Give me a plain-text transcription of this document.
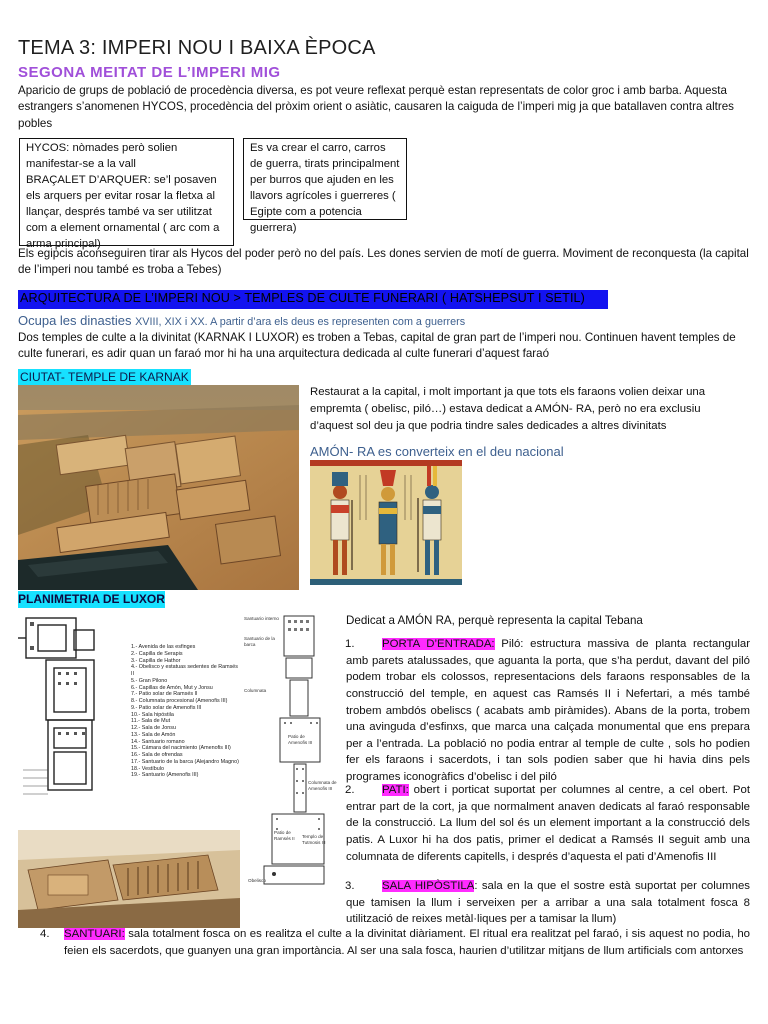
TEMA 3: IMPERI NOU I BAIXA ÈPOCA
SEGONA MEITAT DE L’IMPERI MIG
Aparicio de grups de població de procedència diversa, es pot veure reflexat perquè estan representats de color groc i amb barba. Aquesta estrangers s’anomenen HYCOS, procedència del pròxim orient o asiàtic, causaren la caiguda de l’imperi mig ja que batallaven contra altres pobles
HYCOS: nòmades però solien manifestar-se a la vall
BRAÇALET D’ARQUER: se’l posaven els arquers per evitar rosar la fletxa al llançar, després també va ser utilitzat com a element ornamental ( arc com a arma principal)
Es va crear el carro, carros de guerra, tirats principalment per burros que ajuden en les llavors agrícoles i guerreres ( Egipte com a potencia guerrera)
Els egipcis aconseguiren tirar als Hycos del poder però no del país. Les dones servien de motí de guerra. Moviment de reconquesta (la capital de l’imperi nou també es troba a Tebes)
ARQUITECTURA DE L’IMPERI NOU > TEMPLES DE CULTE FUNERARI ( HATSHEPSUT I SETIL)
Ocupa les dinasties XVIII, XIX i XX. A partir d’ara els deus es representen com a guerrers
Dos temples de culte a la divinitat (KARNAK I LUXOR) es troben a Tebas, capital de gran part de l’imperi nou. Continuen havent temples de culte funerari, es adir quan un faraó mor hi ha una arquitectura dedicada al culte funerari d’aquest faraó
CIUTAT- TEMPLE DE KARNAK
Restaurat a la capital, i molt important ja que tots els faraons volien deixar una empremta ( obelisc, piló…) estava dedicat a AMÓN- RA, però no era exclusiu d’aquest sol deu ja que podria tindre sales dedicades a altres divinitats
AMÓN- RA es converteix en el deu nacional
PLANIMETRIA DE LUXOR
1.- Avenida de las esfinges
2.- Capilla de Serapis
3.- Capilla de Hathor
4.- Obelisco y estatuas sedentes de Ramsés II
5.- Gran Pilono
6.- Capillas de Amón, Mut y Jonsu
7.- Patio solar de Ramsés II
8.- Columnata procesional (Amenofis III)
9.- Patio solar de Amenofis III
10.- Sala hipóstila
11.- Sala de Mut
12.- Sala de Jonsu
13.- Sala de Amón
14.- Santuario romano
15.- Cámara del nacimiento (Amenofis III)
16.- Sala de ofrendas
17.- Santuario de la barca (Alejandro Magno)
18.- Vestíbulo
19.- Santuario (Amenofis III)
Santuario interno
Santuario de la barca
Columnata
Patio de Amenofis III
Columnata de Amenofis III
Patio de Ramsés II	Templo de Tutmosis III
Obelisco
Dedicat a AMÓN RA, perquè representa la capital Tebana
1. PORTA D’ENTRADA: Piló: estructura massiva de planta rectangular amb parets atalussades, que aguanta la porta, que s’ha perdut, davant del piló podem trobar els colossos, representacions dels faraons responsables de la construcció del temple, en aquest cas Ramsés II i Nefertari, a més també trobem ambdós obeliscs ( acabats amb piràmides). Abans de la porta, trobem una avinguda d’esfinxs, que marca una calçada monumental que ens prepara per a l’entrada. La població no podia entrar al temple de culte , sols ho podien fer els faraons i sacerdots, i tan sols podien saber que hi havia dins pels programes iconogràfics d’obelisc i del piló
2. PATI: obert i porticat suportat per columnes al centre, a cel obert. Pot entrar part de la cort, ja que normalment anaven dedicats al faraó responsable de la construcció. La llum del sol és un element important a la construcció dels patis. A Luxor hi ha dos patis, primer el dedicat a Ramsés II seguit amb una columnata de diferents capitells, i després d’aquesta el pati d’Amenofis III
3. SALA HIPÒSTILA: sala en la que el sostre està suportat per columnes que tamisen la llum i serveixen per a arribar a una sala totalment fosca 8 utilització de reixes metàl·liques per a tamisar la llum)
4. SANTUARI: sala totalment fosca on es realitza el culte a la divinitat diàriament. El ritual era realitzat pel faraó, i sis aquest no podia, ho feien els sacerdots, que guanyen una gran importància. Al ser una sala fosca, haurien d’utilitzar mitjans de llum artificials com antorxes
